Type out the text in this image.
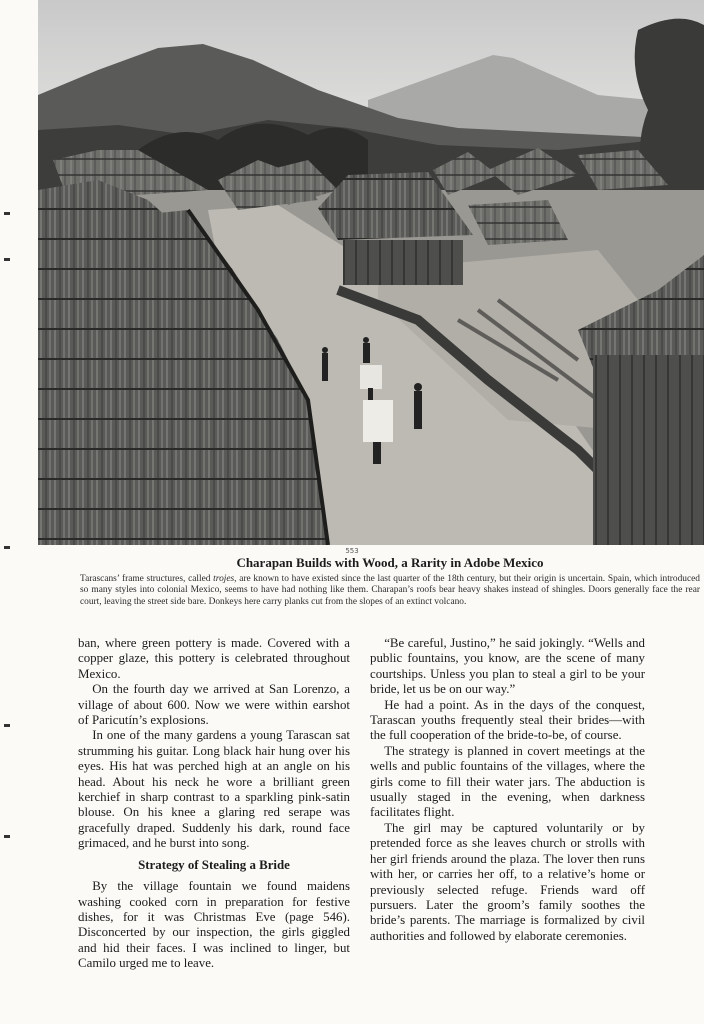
553
Charapan Builds with Wood, a Rarity in Adobe Mexico

Tarascans’ frame structures, called trojes, are known to have existed since the last quarter of the 18th century, but their origin is uncertain. Spain, which introduced so many styles into colonial Mexico, seems to have had nothing like them. Charapan’s roofs bear heavy shakes instead of shingles. Doors generally face the rear court, leaving the street side bare. Donkeys here carry planks cut from the slopes of an extinct volcano.

ban, where green pottery is made. Covered with a copper glaze, this pottery is celebrated throughout Mexico.

On the fourth day we arrived at San Lorenzo, a village of about 600. Now we were within earshot of Paricutín’s explosions.

In one of the many gardens a young Tarascan sat strumming his guitar. Long black hair hung over his eyes. His hat was perched high at an angle on his head. About his neck he wore a brilliant green kerchief in sharp contrast to a sparkling pink-satin blouse. On his knee a glaring red serape was gracefully draped. Suddenly his dark, round face grimaced, and he burst into song.

Strategy of Stealing a Bride

By the village fountain we found maidens washing cooked corn in preparation for festive dishes, for it was Christmas Eve (page 546). Disconcerted by our inspection, the girls giggled and hid their faces. I was inclined to linger, but Camilo urged me to leave.

“Be careful, Justino,” he said jokingly. “Wells and public fountains, you know, are the scene of many courtships. Unless you plan to steal a girl to be your bride, let us be on our way.”

He had a point. As in the days of the conquest, Tarascan youths frequently steal their brides—with the full cooperation of the bride-to-be, of course.

The strategy is planned in covert meetings at the wells and public fountains of the villages, where the girls come to fill their water jars. The abduction is usually staged in the evening, when darkness facilitates flight.

The girl may be captured voluntarily or by pretended force as she leaves church or strolls with her girl friends around the plaza. The lover then runs with her, or carries her off, to a relative’s home or previously selected refuge. Friends ward off pursuers. Later the groom’s family soothes the bride’s parents. The marriage is formalized by civil authorities and followed by elaborate ceremonies.
